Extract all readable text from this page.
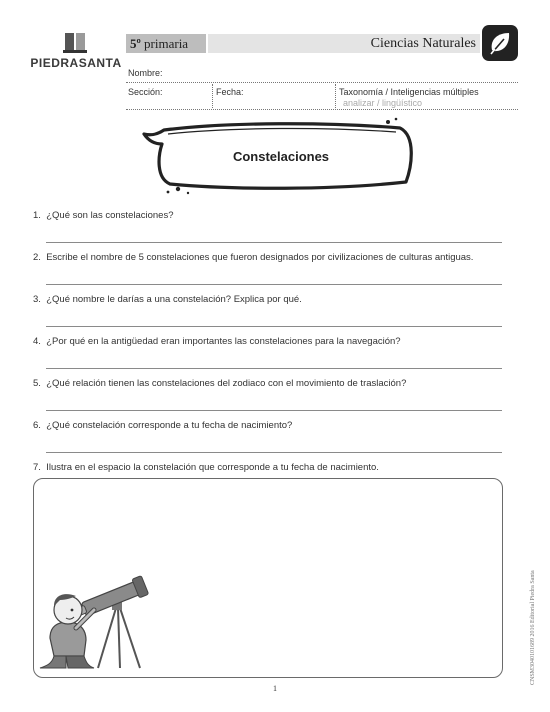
PIEDRASANTA
5º primaria	Ciencias Naturales
Nombre:
Sección:	Fecha:	Taxonomía / Inteligencias múltiples
analizar / lingüístico
Constelaciones
1. ¿Qué son las constelaciones?
2. Escribe el nombre de 5 constelaciones que fueron designados por civilizaciones de culturas antiguas.
3. ¿Qué nombre le darías a una constelación? Explica por qué.
4. ¿Por qué en la antigüedad eran importantes las constelaciones para la navegación?
5. ¿Qué relación tienen las constelaciones del zodiaco con el movimiento de traslación?
6. ¿Qué constelación corresponde a tu fecha de nacimiento?
7. Ilustra en el espacio la constelación que corresponde a tu fecha de nacimiento.
CNSM3040101689 2016 Editorial Piedra Santa
1
